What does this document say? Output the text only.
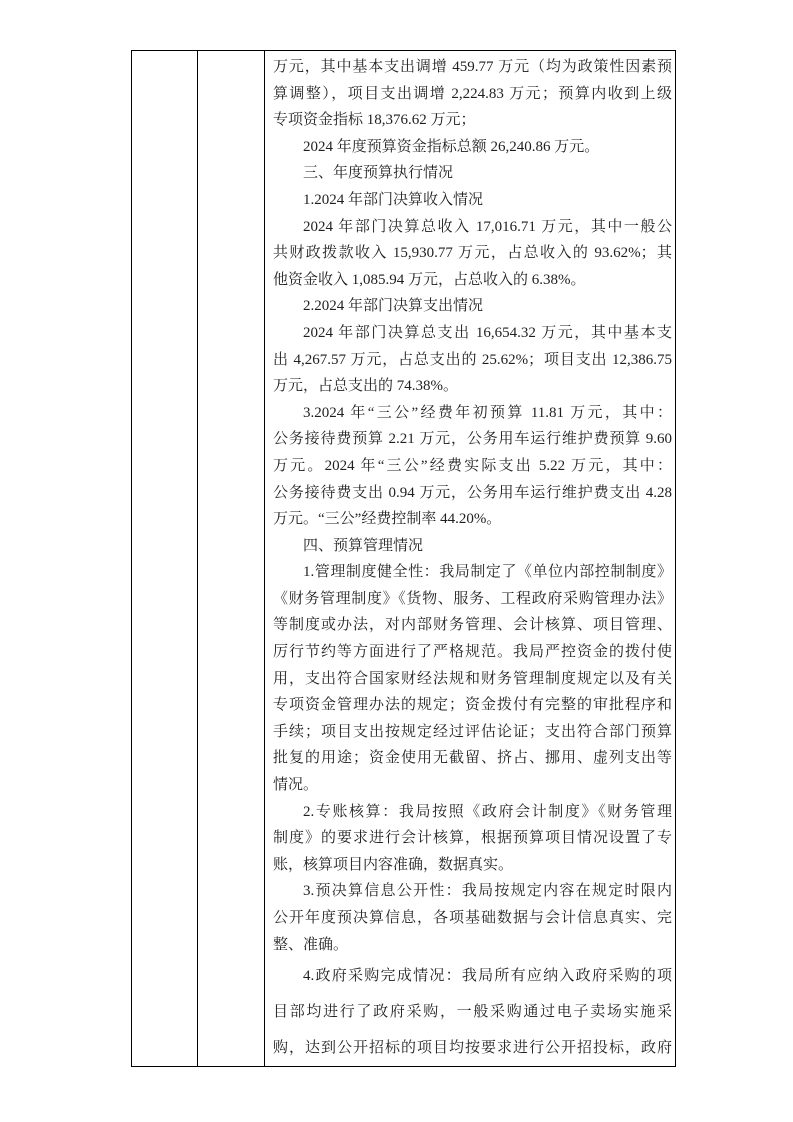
万元，其中基本支出调增 459.77 万元（均为政策性因素预
算调整），项目支出调增 2,224.83 万元；预算内收到上级
专项资金指标 18,376.62 万元；
2024 年度预算资金指标总额 26,240.86 万元。
三、年度预算执行情况
1.2024 年部门决算收入情况
2024 年部门决算总收入 17,016.71 万元，其中一般公
共财政拨款收入 15,930.77 万元，占总收入的 93.62%；其
他资金收入 1,085.94 万元，占总收入的 6.38%。
2.2024 年部门决算支出情况
2024 年部门决算总支出 16,654.32 万元，其中基本支
出 4,267.57 万元，占总支出的 25.62%；项目支出 12,386.75
万元，占总支出的 74.38%。
3.2024 年“三公”经费年初预算 11.81 万元，其中：
公务接待费预算 2.21 万元，公务用车运行维护费预算 9.60
万元。2024 年“三公”经费实际支出 5.22 万元，其中：
公务接待费支出 0.94 万元，公务用车运行维护费支出 4.28
万元。“三公”经费控制率 44.20%。
四、预算管理情况
1.管理制度健全性：我局制定了《单位内部控制制度》
《财务管理制度》《货物、服务、工程政府采购管理办法》
等制度或办法，对内部财务管理、会计核算、项目管理、
厉行节约等方面进行了严格规范。我局严控资金的拨付使
用，支出符合国家财经法规和财务管理制度规定以及有关
专项资金管理办法的规定；资金拨付有完整的审批程序和
手续；项目支出按规定经过评估论证；支出符合部门预算
批复的用途；资金使用无截留、挤占、挪用、虚列支出等
情况。
2.专账核算：我局按照《政府会计制度》《财务管理
制度》的要求进行会计核算，根据预算项目情况设置了专
账，核算项目内容准确，数据真实。
3.预决算信息公开性：我局按规定内容在规定时限内
公开年度预决算信息，各项基础数据与会计信息真实、完
整、准确。
4.政府采购完成情况：我局所有应纳入政府采购的项
目部均进行了政府采购，一般采购通过电子卖场实施采
购，达到公开招标的项目均按要求进行公开招投标，政府
